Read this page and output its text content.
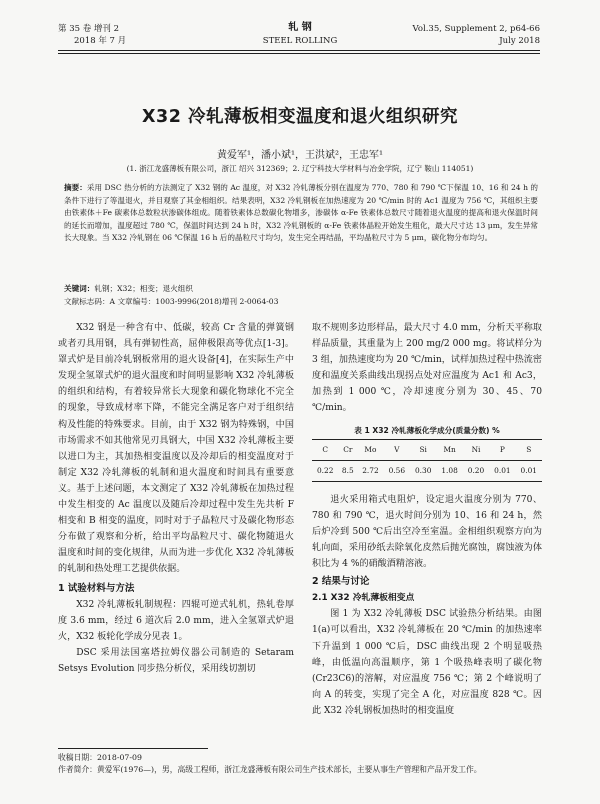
第 35 卷 增刊 2
2018 年 7 月
轧 钢
STEEL ROLLING
Vol.35, Supplement 2, p64-66
July 2018
X32 冷轧薄板相变温度和退火组织研究
黄爱军¹，潘小斌¹，王洪斌²，王忠军¹
(1. 浙江龙盛薄板有限公司，浙江 绍兴 312369；2. 辽宁科技大学材料与冶金学院，辽宁 鞍山 114051)
摘要：采用 DSC 热分析的方法测定了 X32 钢的 Ac 温度，对 X32 冷轧薄板分别在温度为 770、780 和 790 ℃下保温 10、16 和 24 h 的条件下进行了等温退火，并目观察了其金相组织。结果表明，X32 冷轧钢板在加热速度为 20 ℃/min 时的 Ac1 温度为 756 ℃，其组织主要由铁素体＋Fe 碳素体总数粒状渗碳体组成。随着铁素体总数碳化物增多，渗碳体 α-Fe 铁素体总数尺寸随着退火温度的提高和退火保温时间的延长而增加，温度超过 780 ℃，保温时间达到 24 h 时，X32 冷轧钢板的 α-Fe 铁素体晶粒开始发生粗化，最大尺寸达 13 μm，发生异常长大现象。当 X32 冷轧钢在 06 ℃保温 16 h 后的晶粒尺寸均匀，发生完全再结晶，平均晶粒尺寸为 5 μm，碳化物分布均匀。
关键词：轧钢；X32；相变；退火组织
文献标志码：A 文章编号：1003-9996(2018)增刊 2-0064-03

X32 钢是一种含有中、低碳，较高 Cr 含量的弹簧钢或者刃具用钢，具有弹韧性高，屈伸极限高等优点[1-3]。罩式炉是目前冷轧钢板常用的退火设备[4]，在实际生产中发现全氢罩式炉的退火温度和时间明显影响 X32 冷轧薄板的组织和结构，有着较异常长大现象和碳化物球化不完全的现象，导致成材率下降，不能完全满足客户对于组织结构及性能的特殊要求。目前，由于 X32 钢为特殊钢，中国市场需求不如其他常见刃具钢大，中国 X32 冷轧薄板主要以进口为主，其加热相变温度以及冷却后的相变温度对于制定 X32 冷轧薄板的轧制和退火温度和时间具有重要意义。基于上述问题，本文测定了 X32 冷轧薄板在加热过程中发生相变的 Ac 温度以及随后冷却过程中发生先共析 F 相变和 B 相变的温度，同时对于子晶粒尺寸及碳化物形态分布做了观察和分析，给出平均晶粒尺寸、碳化物随退火温度和时间的变化规律，从而为进一步优化 X32 冷轧薄板的轧制和热处理工艺提供依据。

1 试验材料与方法

X32 冷轧薄板轧制规程：四辊可逆式轧机，热轧卷厚度 3.6 mm，经过 6 道次后 2.0 mm，进入全氢罩式炉退火，X32 板轮化学成分见表 1。

DSC 采用法国塞塔拉姆仪器公司制造的 Setaram Setsys Evolution 同步热分析仪，采用线切割切

取不规则多边形样品，最大尺寸 4.0 mm，分析天平称取样品质量，其重量为上 200 mg/2 000 mg。将试样分为 3 组，加热速度均为 20 ℃/min，试样加热过程中热流密度和温度关系曲线出现拐点处对应温度为 Ac1 和 Ac3，加热到 1 000 ℃，冷却速度分别为 30、45、70 ℃/min。

表 1 X32 冷轧薄板化学成分(质量分数) %
C	Cr	Mo	V	Si	Mn	Ni	P	S
0.22	8.5	2.72	0.56	0.30	1.08	0.20	0.01	0.01

退火采用箱式电阻炉，设定退火温度分别为 770、780 和 790 ℃，退火时间分别为 10、16 和 24 h，然后炉冷到 500 ℃后出空冷至室温。金相组织观察方向为轧向面，采用砂纸去除氧化皮然后抛光腐蚀，腐蚀液为体积比为 4 %的硝酸酒精溶液。

2 结果与讨论
2.1 X32 冷轧薄板相变点

图 1 为 X32 冷轧薄板 DSC 试验热分析结果。由图 1(a)可以看出，X32 冷轧薄板在 20 ℃/min 的加热速率下升温到 1 000 ℃后，DSC 曲线出现 2 个明显吸热峰，由低温向高温顺序，第 1 个吸热峰表明了碳化物(Cr23C6)的溶解，对应温度 756 ℃；第 2 个峰说明了向 A 的转变，实现了完全 A 化，对应温度 828 ℃。因此 X32 冷轧钢板加热时的相变温度

收稿日期：2018-07-09
作者简介：黄爱军(1976—)，男，高级工程师，浙江龙盛薄板有限公司生产技术部长，主要从事生产管理和产品开发工作。
